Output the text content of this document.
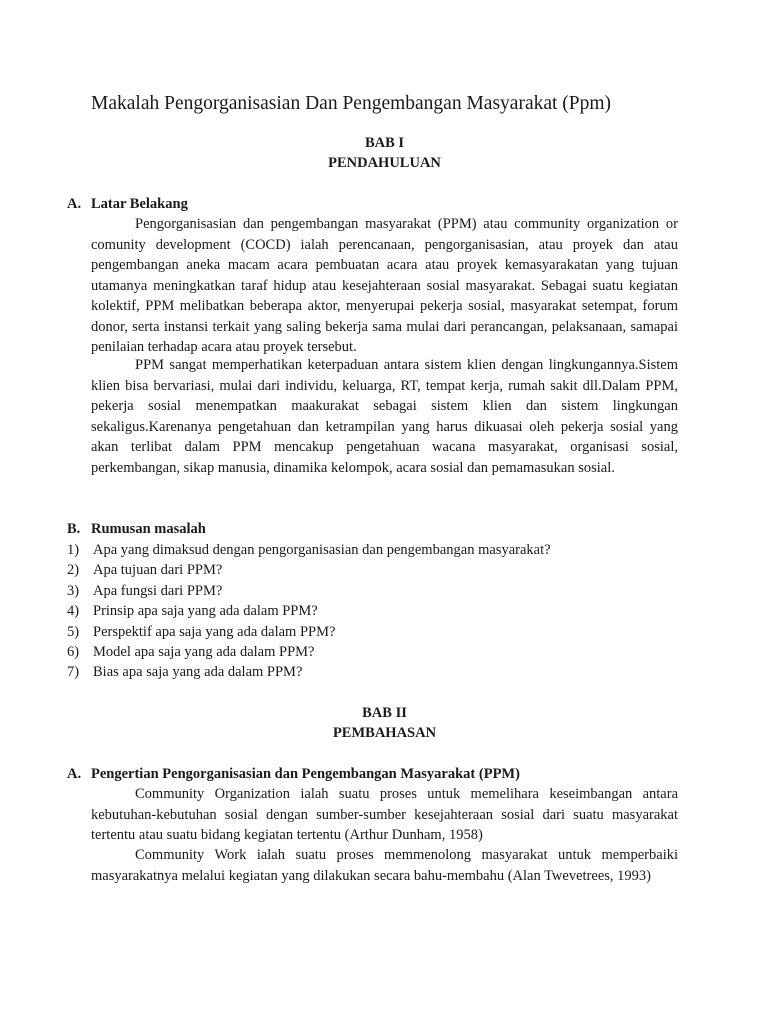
Makalah Pengorganisasian Dan Pengembangan Masyarakat (Ppm)
BAB I
PENDAHULUAN
A. Latar Belakang

Pengorganisasian dan pengembangan masyarakat (PPM) atau community organization or comunity development (COCD) ialah perencanaan, pengorganisasian, atau proyek dan atau pengembangan aneka macam acara pembuatan acara atau proyek kemasyarakatan yang tujuan utamanya meningkatkan taraf hidup atau kesejahteraan sosial masyarakat. Sebagai suatu kegiatan kolektif, PPM melibatkan beberapa aktor, menyerupai pekerja sosial, masyarakat setempat, forum donor, serta instansi terkait yang saling bekerja sama mulai dari perancangan, pelaksanaan, samapai penilaian terhadap acara atau proyek tersebut.

PPM sangat memperhatikan keterpaduan antara sistem klien dengan lingkungannya.Sistem klien bisa bervariasi, mulai dari individu, keluarga, RT, tempat kerja, rumah sakit dll.Dalam PPM, pekerja sosial menempatkan maakurakat sebagai sistem klien dan sistem lingkungan sekaligus.Karenanya pengetahuan dan ketrampilan yang harus dikuasai oleh pekerja sosial yang akan terlibat dalam PPM mencakup pengetahuan wacana masyarakat, organisasi sosial, perkembangan, sikap manusia, dinamika kelompok, acara sosial dan pemamasukan sosial.

B. Rumusan masalah
1) Apa yang dimaksud dengan pengorganisasian dan pengembangan masyarakat?
2) Apa tujuan dari PPM?
3) Apa fungsi dari PPM?
4) Prinsip apa saja yang ada dalam PPM?
5) Perspektif apa saja yang ada dalam PPM?
6) Model apa saja yang ada dalam PPM?
7) Bias apa saja yang ada dalam PPM?
BAB II
PEMBAHASAN
A. Pengertian Pengorganisasian dan Pengembangan Masyarakat (PPM)

Community Organization ialah suatu proses untuk memelihara keseimbangan antara kebutuhan-kebutuhan sosial dengan sumber-sumber kesejahteraan sosial dari suatu masyarakat tertentu atau suatu bidang kegiatan tertentu (Arthur Dunham, 1958)

Community Work ialah suatu proses memmenolong masyarakat untuk memperbaiki masyarakatnya melalui kegiatan yang dilakukan secara bahu-membahu (Alan Twevetrees, 1993)
